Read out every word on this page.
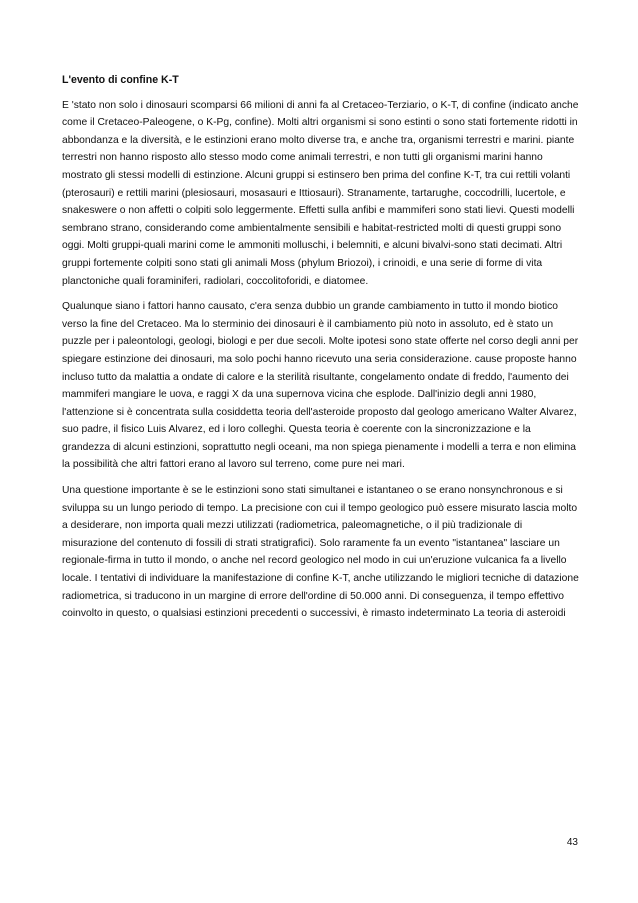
L'evento di confine K-T

E 'stato non solo i dinosauri scomparsi 66 milioni di anni fa al Cretaceo-Terziario, o K-T, di confine (indicato anche come il Cretaceo-Paleogene, o K-Pg, confine). Molti altri organismi si sono estinti o sono stati fortemente ridotti in abbondanza e la diversità, e le estinzioni erano molto diverse tra, e anche tra, organismi terrestri e marini. piante terrestri non hanno risposto allo stesso modo come animali terrestri, e non tutti gli organismi marini hanno mostrato gli stessi modelli di estinzione. Alcuni gruppi si estinsero ben prima del confine K-T, tra cui rettili volanti (pterosauri) e rettili marini (plesiosauri, mosasauri e Ittiosauri). Stranamente, tartarughe, coccodrilli, lucertole, e snakeswere o non affetti o colpiti solo leggermente. Effetti sulla anfibi e mammiferi sono stati lievi. Questi modelli sembrano strano, considerando come ambientalmente sensibili e habitat-restricted molti di questi gruppi sono oggi. Molti gruppi-quali marini come le ammoniti molluschi, i belemniti, e alcuni bivalvi-sono stati decimati. Altri gruppi fortemente colpiti sono stati gli animali Moss (phylum Briozoi), i crinoidi, e una serie di forme di vita planctoniche quali foraminiferi, radiolari, coccolitoforidi, e diatomee.

Qualunque siano i fattori hanno causato, c'era senza dubbio un grande cambiamento in tutto il mondo biotico verso la fine del Cretaceo. Ma lo sterminio dei dinosauri è il cambiamento più noto in assoluto, ed è stato un puzzle per i paleontologi, geologi, biologi e per due secoli. Molte ipotesi sono state offerte nel corso degli anni per spiegare estinzione dei dinosauri, ma solo pochi hanno ricevuto una seria considerazione. cause proposte hanno incluso tutto da malattia a ondate di calore e la sterilità risultante, congelamento ondate di freddo, l'aumento dei mammiferi mangiare le uova, e raggi X da una supernova vicina che esplode. Dall'inizio degli anni 1980, l'attenzione si è concentrata sulla cosiddetta teoria dell'asteroide proposto dal geologo americano Walter Alvarez, suo padre, il fisico Luis Alvarez, ed i loro colleghi. Questa teoria è coerente con la sincronizzazione e la grandezza di alcuni estinzioni, soprattutto negli oceani, ma non spiega pienamente i modelli a terra e non elimina la possibilità che altri fattori erano al lavoro sul terreno, come pure nei mari.

Una questione importante è se le estinzioni sono stati simultanei e istantaneo o se erano nonsynchronous e si sviluppa su un lungo periodo di tempo. La precisione con cui il tempo geologico può essere misurato lascia molto a desiderare, non importa quali mezzi utilizzati (radiometrica, paleomagnetiche, o il più tradizionale di misurazione del contenuto di fossili di strati stratigrafici). Solo raramente fa un evento "istantanea" lasciare un regionale-firma in tutto il mondo, o anche nel record geologico nel modo in cui un'eruzione vulcanica fa a livello locale. I tentativi di individuare la manifestazione di confine K-T, anche utilizzando le migliori tecniche di datazione radiometrica, si traducono in un margine di errore dell'ordine di 50.000 anni. Di conseguenza, il tempo effettivo coinvolto in questo, o qualsiasi estinzioni precedenti o successivi, è rimasto indeterminato La teoria di asteroidi

43
